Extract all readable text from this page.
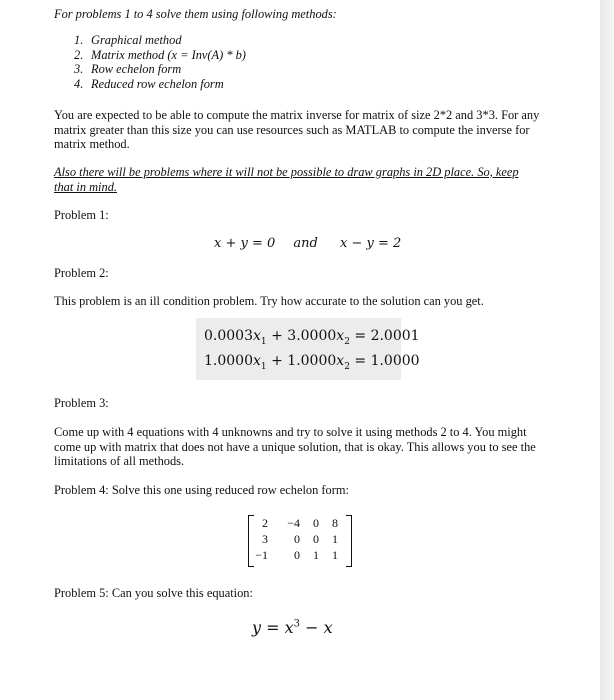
For problems 1 to 4 solve them using following methods:

1. Graphical method
2. Matrix method (x = Inv(A) * b)
3. Row echelon form
4. Reduced row echelon form

You are expected to be able to compute the matrix inverse for matrix of size 2*2 and 3*3. For any matrix greater than this size you can use resources such as MATLAB to compute the inverse for matrix method.

Also there will be problems where it will not be possible to draw graphs in 2D place. So, keep that in mind.

Problem 1:

x + y = 0 and x − y = 2

Problem 2:

This problem is an ill condition problem. Try how accurate to the solution can you get.

$0.0003x_1 + 3.0000x_2 = 2.0001$
$1.0000x_1 + 1.0000x_2 = 1.0000$

Problem 3:

Come up with 4 equations with 4 unknowns and try to solve it using methods 2 to 4. You might come up with matrix that does not have a unique solution, that is okay. This allows you to see the limitations of all methods.

Problem 4: Solve this one using reduced row echelon form:

2	−4	0	8
3	0	0	1
−1	0	1	1

Problem 5: Can you solve this equation:

$y = x^3 - x$
